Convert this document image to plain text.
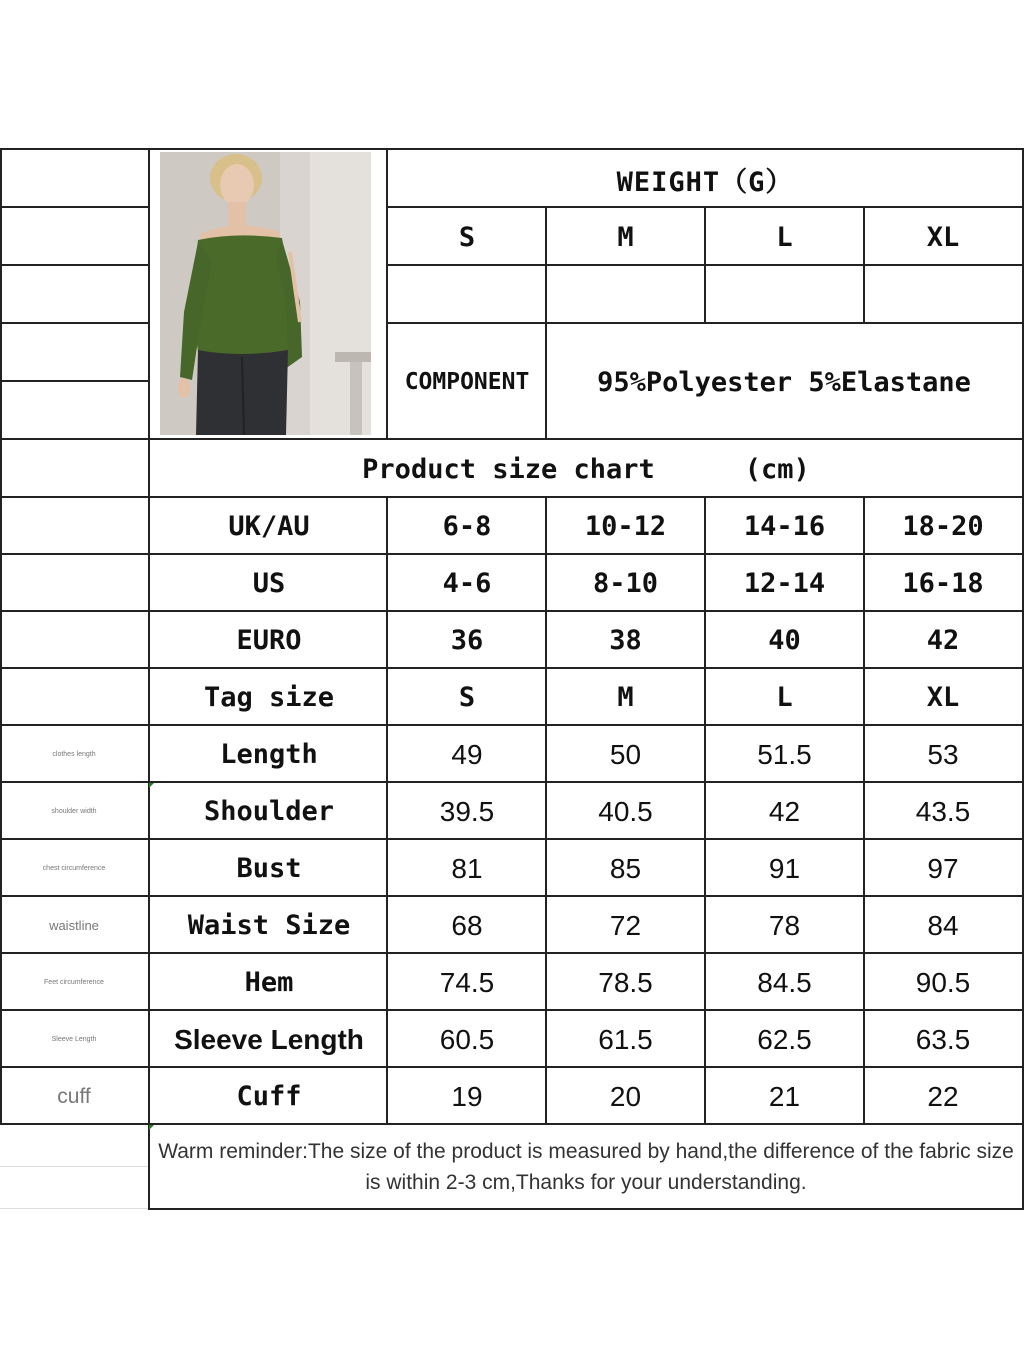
WEIGHT（G）
S	M	L	XL
COMPONENT	95%Polyester 5%Elastane
Product size chart	(cm)
UK/AU	6-8	10-12	14-16	18-20
US	4-6	8-10	12-14	16-18
EURO	36	38	40	42
Tag size	S	M	L	XL
clothes length	Length	49	50	51.5	53
shoulder width	Shoulder	39.5	40.5	42	43.5
chest circumference	Bust	81	85	91	97
waistline	Waist Size	68	72	78	84
Feet circumference	Hem	74.5	78.5	84.5	90.5
Sleeve Length	Sleeve Length	60.5	61.5	62.5	63.5
cuff	Cuff	19	20	21	22
Warm reminder:The size of the product is measured by hand,the difference of the fabric size is within 2-3 cm,Thanks for your understanding.
